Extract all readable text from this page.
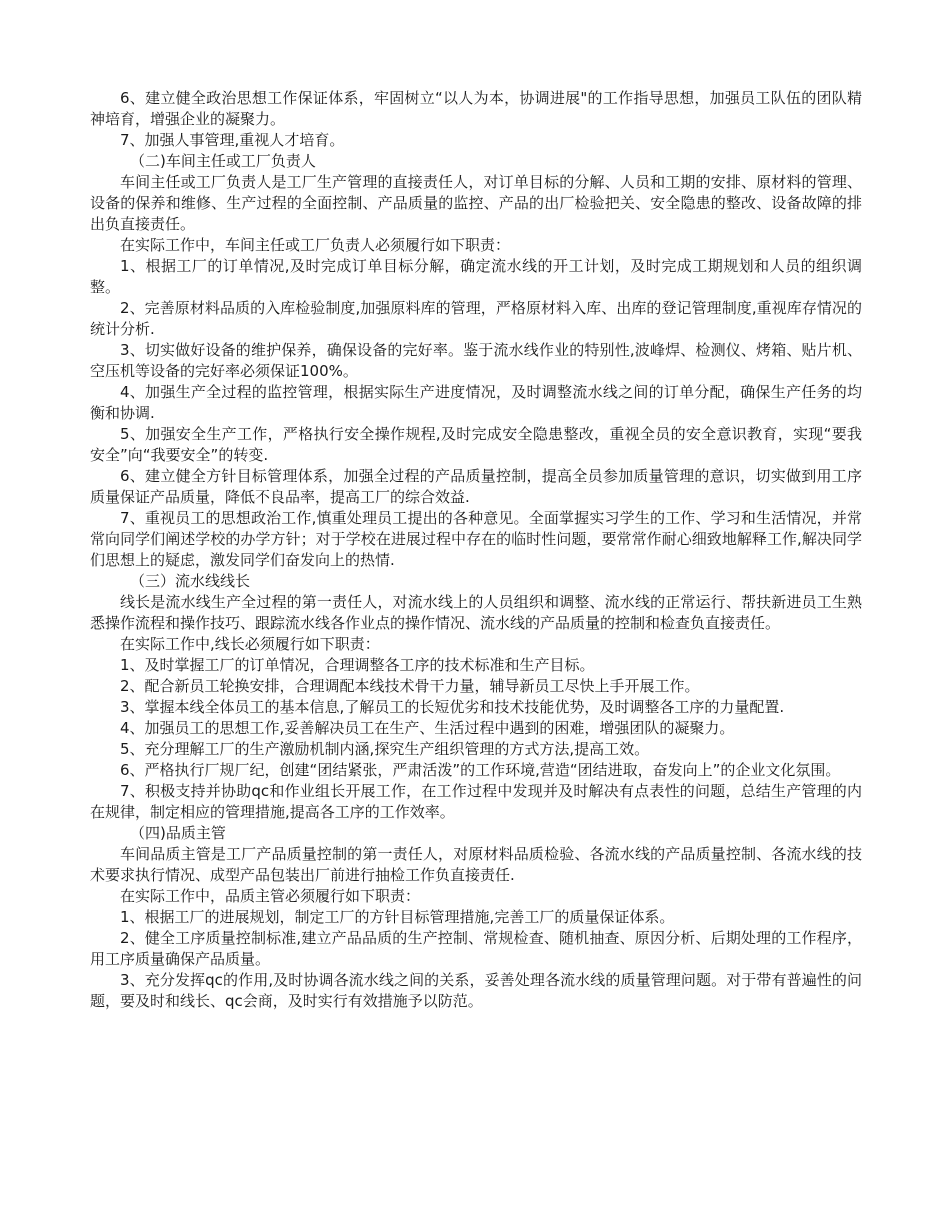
6、建立健全政治思想工作保证体系，牢固树立“以人为本，协调进展"的工作指导思想，加强员工队伍的团队精神培育，增强企业的凝聚力。

7、加强人事管理,重视人才培育。

（二)车间主任或工厂负责人

车间主任或工厂负责人是工厂生产管理的直接责任人，对订单目标的分解、人员和工期的安排、原材料的管理、设备的保养和维修、生产过程的全面控制、产品质量的监控、产品的出厂检验把关、安全隐患的整改、设备故障的排出负直接责任。

在实际工作中，车间主任或工厂负责人必须履行如下职责：

1、根据工厂的订单情况,及时完成订单目标分解，确定流水线的开工计划，及时完成工期规划和人员的组织调整。

2、完善原材料品质的入库检验制度,加强原料库的管理，严格原材料入库、出库的登记管理制度,重视库存情况的统计分析.

3、切实做好设备的维护保养，确保设备的完好率。鉴于流水线作业的特别性,波峰焊、检测仪、烤箱、贴片机、空压机等设备的完好率必须保证100%。

4、加强生产全过程的监控管理，根据实际生产进度情况，及时调整流水线之间的订单分配，确保生产任务的均衡和协调.

5、加强安全生产工作，严格执行安全操作规程,及时完成安全隐患整改，重视全员的安全意识教育，实现“要我安全”向“我要安全”的转变.

6、建立健全方针目标管理体系，加强全过程的产品质量控制，提高全员参加质量管理的意识，切实做到用工序质量保证产品质量，降低不良品率，提高工厂的综合效益.

7、重视员工的思想政治工作,慎重处理员工提出的各种意见。全面掌握实习学生的工作、学习和生活情况，并常常向同学们阐述学校的办学方针；对于学校在进展过程中存在的临时性问题，要常常作耐心细致地解释工作,解决同学们思想上的疑虑，激发同学们奋发向上的热情.

（三）流水线线长

线长是流水线生产全过程的第一责任人，对流水线上的人员组织和调整、流水线的正常运行、帮扶新进员工生熟悉操作流程和操作技巧、跟踪流水线各作业点的操作情况、流水线的产品质量的控制和检查负直接责任。

在实际工作中,线长必须履行如下职责：

1、及时掌握工厂的订单情况，合理调整各工序的技术标准和生产目标。

2、配合新员工轮换安排，合理调配本线技术骨干力量，辅导新员工尽快上手开展工作。

3、掌握本线全体员工的基本信息,了解员工的长短优劣和技术技能优势，及时调整各工序的力量配置.

4、加强员工的思想工作,妥善解决员工在生产、生活过程中遇到的困难，增强团队的凝聚力。

5、充分理解工厂的生产激励机制内涵,探究生产组织管理的方式方法,提高工效。

6、严格执行厂规厂纪，创建“团结紧张，严肃活泼”的工作环境,营造“团结进取，奋发向上”的企业文化氛围。

7、积极支持并协助qc和作业组长开展工作，在工作过程中发现并及时解决有点表性的问题，总结生产管理的内在规律，制定相应的管理措施,提高各工序的工作效率。

（四)品质主管

车间品质主管是工厂产品质量控制的第一责任人，对原材料品质检验、各流水线的产品质量控制、各流水线的技术要求执行情况、成型产品包装出厂前进行抽检工作负直接责任.

在实际工作中，品质主管必须履行如下职责：

1、根据工厂的进展规划，制定工厂的方针目标管理措施,完善工厂的质量保证体系。

2、健全工序质量控制标准,建立产品品质的生产控制、常规检查、随机抽查、原因分析、后期处理的工作程序，用工序质量确保产品质量。

3、充分发挥qc的作用,及时协调各流水线之间的关系，妥善处理各流水线的质量管理问题。对于带有普遍性的问题，要及时和线长、qc会商，及时实行有效措施予以防范。
